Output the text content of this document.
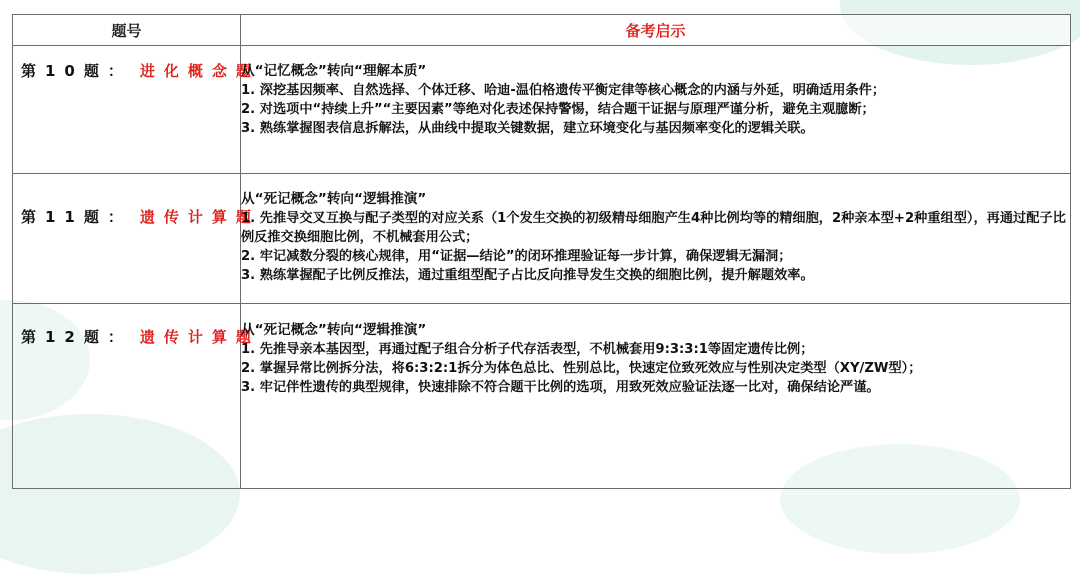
题号	备考启示

第10题： 进化概念题	从“记忆概念”转向“理解本质”
1. 深挖基因频率、自然选择、个体迁移、哈迪-温伯格遗传平衡定律等核心概念的内涵与外延，明确适用条件；
2. 对选项中“持续上升”“主要因素”等绝对化表述保持警惕，结合题干证据与原理严谨分析，避免主观臆断；
3. 熟练掌握图表信息拆解法，从曲线中提取关键数据，建立环境变化与基因频率变化的逻辑关联。

第11题： 遗传计算题	从“死记概念”转向“逻辑推演”
1. 先推导交叉互换与配子类型的对应关系（1个发生交换的初级精母细胞产生4种比例均等的精细胞，2种亲本型+2种重组型），再通过配子比例反推交换细胞比例，不机械套用公式；
2. 牢记减数分裂的核心规律，用“证据—结论”的闭环推理验证每一步计算，确保逻辑无漏洞；
3. 熟练掌握配子比例反推法，通过重组型配子占比反向推导发生交换的细胞比例，提升解题效率。

第12题： 遗传计算题	从“死记概念”转向“逻辑推演”
1. 先推导亲本基因型，再通过配子组合分析子代存活表型，不机械套用9:3:3:1等固定遗传比例；
2. 掌握异常比例拆分法，将6:3:2:1拆分为体色总比、性别总比，快速定位致死效应与性别决定类型（XY/ZW型）；
3. 牢记伴性遗传的典型规律，快速排除不符合题干比例的选项，用致死效应验证法逐一比对，确保结论严谨。
